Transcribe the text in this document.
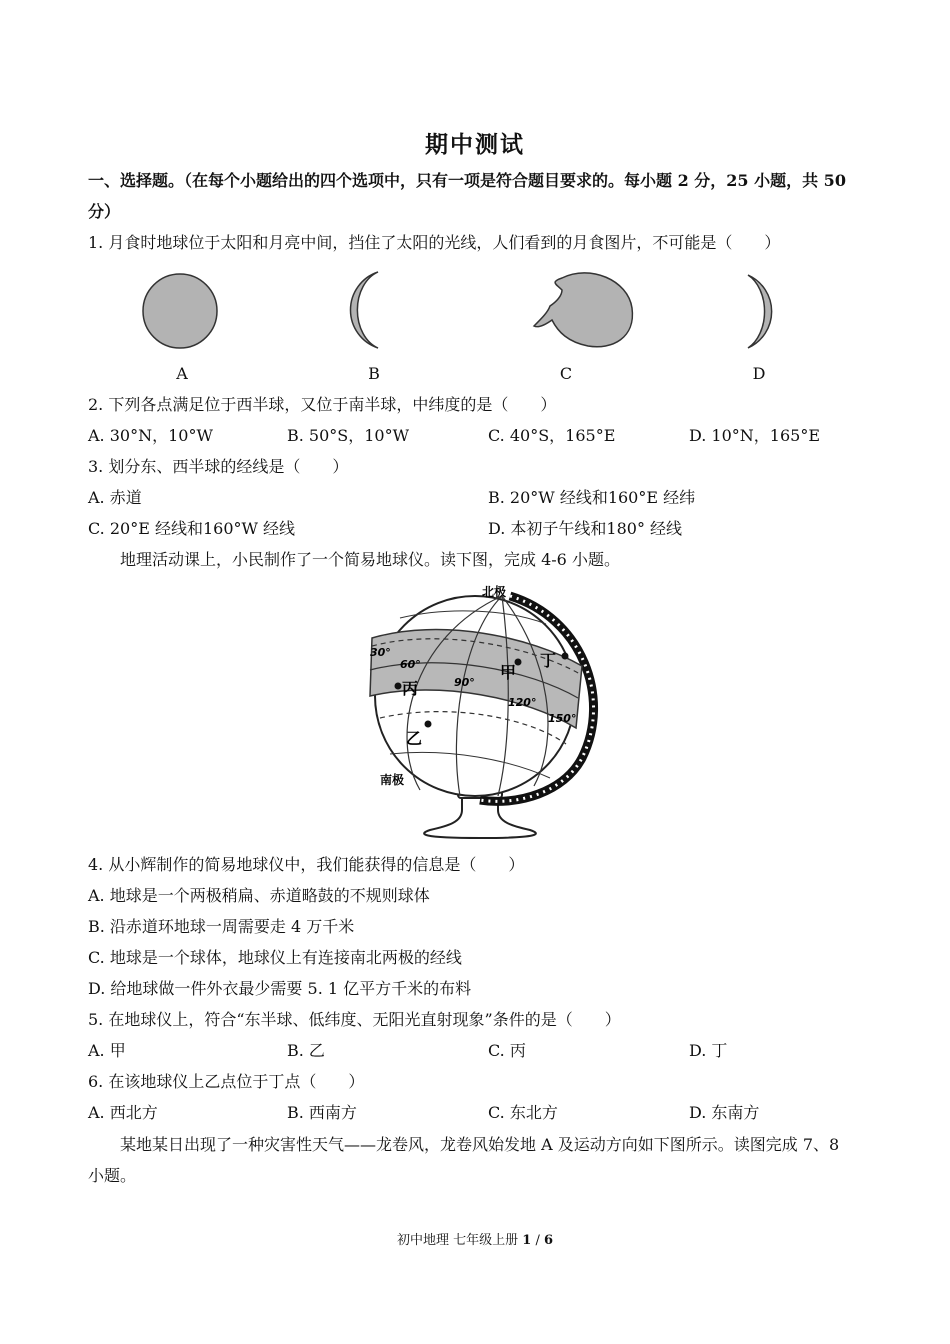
期中测试
一、选择题。（在每个小题给出的四个选项中，只有一项是符合题目要求的。每小题 2 分，25 小题，共 50
分）
1. 月食时地球位于太阳和月亮中间，挡住了太阳的光线，人们看到的月食图片，不可能是（　　）
A	B	C	D
2. 下列各点满足位于西半球，又位于南半球，中纬度的是（　　）
A. 30°N，10°W	B. 50°S，10°W	C. 40°S，165°E	D. 10°N，165°E
3. 划分东、西半球的经线是（　　）
A. 赤道	B. 20°W 经线和160°E 经纬
C. 20°E 经线和160°W 经线	D. 本初子午线和180° 经线
地理活动课上，小民制作了一个简易地球仪。读下图，完成 4-6 小题。
北极
南极
30°
60°
90°
120°
150°
甲
丁
丙
乙
4. 从小辉制作的简易地球仪中，我们能获得的信息是（　　）
A. 地球是一个两极稍扁、赤道略鼓的不规则球体
B. 沿赤道环地球一周需要走 4 万千米
C. 地球是一个球体，地球仪上有连接南北两极的经线
D. 给地球做一件外衣最少需要 5. 1 亿平方千米的布料
5. 在地球仪上，符合“东半球、低纬度、无阳光直射现象”条件的是（　　）
A. 甲	B. 乙	C. 丙	D. 丁
6. 在该地球仪上乙点位于丁点（　　）
A. 西北方	B. 西南方	C. 东北方	D. 东南方
某地某日出现了一种灾害性天气——龙卷风，龙卷风始发地 A 及运动方向如下图所示。读图完成 7、8
小题。
初中地理 七年级上册 1 / 6
